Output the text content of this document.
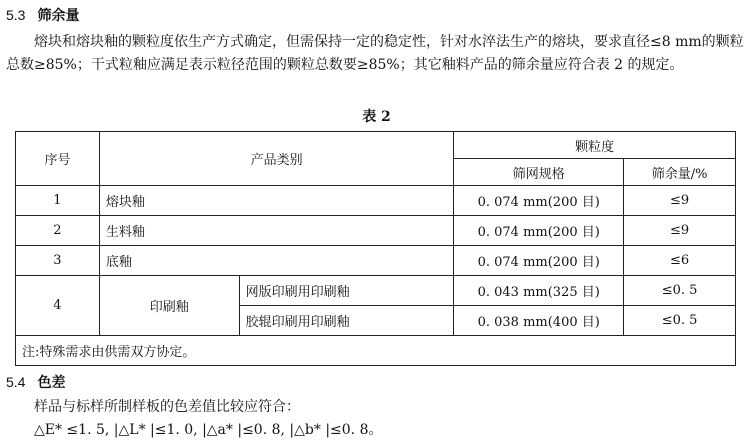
5.3 筛余量

熔块和熔块釉的颗粒度依生产方式确定，但需保持一定的稳定性，针对水淬法生产的熔块，要求直径≤8 mm的颗粒总数≥85%；干式粒釉应满足表示粒径范围的颗粒总数要≥85%；其它釉料产品的筛余量应符合表 2 的规定。

表 2
序号	产品类别		颗粒度	
			筛网规格	筛余量/%
1	熔块釉		0. 074 mm(200 目)	≤9
2	生料釉		0. 074 mm(200 目)	≤9
3	底釉		0. 074 mm(200 目)	≤6
4	印刷釉	网版印刷用印刷釉	0. 043 mm(325 目)	≤0. 5
		胶辊印刷用印刷釉	0. 038 mm(400 目)	≤0. 5
注:特殊需求由供需双方协定。				
5.4 色差

样品与标样所制样板的色差值比较应符合：

△E* ≤1. 5, |△L* |≤1. 0, |△a* |≤0. 8, |△b* |≤0. 8。
